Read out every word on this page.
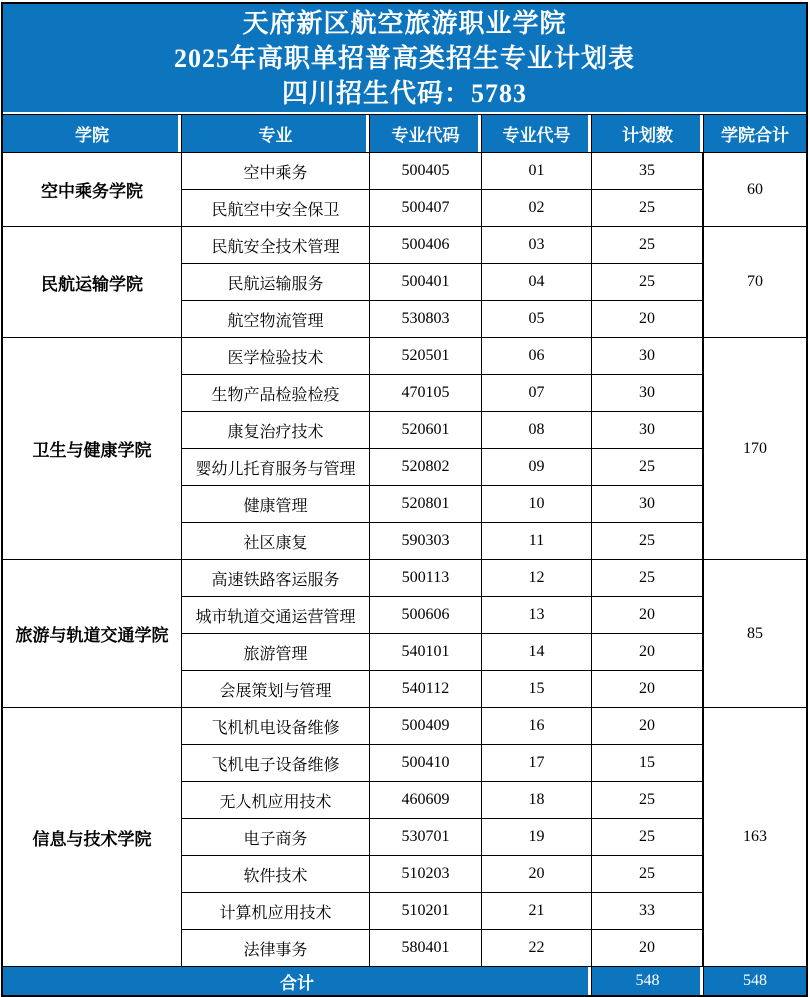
天府新区航空旅游职业学院
2025年高职单招普高类招生专业计划表
四川招生代码：5783					

学院	专业	专业代码	专业代号	计划数	学院合计
空中乘务学院	空中乘务	500405	01	35	60
	民航空中安全保卫	500407	02	25	
民航运输学院	民航安全技术管理	500406	03	25	70
	民航运输服务	500401	04	25	
	航空物流管理	530803	05	20	
卫生与健康学院	医学检验技术	520501	06	30	170
	生物产品检验检疫	470105	07	30	
	康复治疗技术	520601	08	30	
	婴幼儿托育服务与管理	520802	09	25	
	健康管理	520801	10	30	
	社区康复	590303	11	25	
旅游与轨道交通学院	高速铁路客运服务	500113	12	25	85
	城市轨道交通运营管理	500606	13	20	
	旅游管理	540101	14	20	
	会展策划与管理	540112	15	20	
信息与技术学院	飞机机电设备维修	500409	16	20	163
	飞机电子设备维修	500410	17	15	
	无人机应用技术	460609	18	25	
	电子商务	530701	19	25	
	软件技术	510203	20	25	
	计算机应用技术	510201	21	33	
	法律事务	580401	22	20	
合计				548	548
